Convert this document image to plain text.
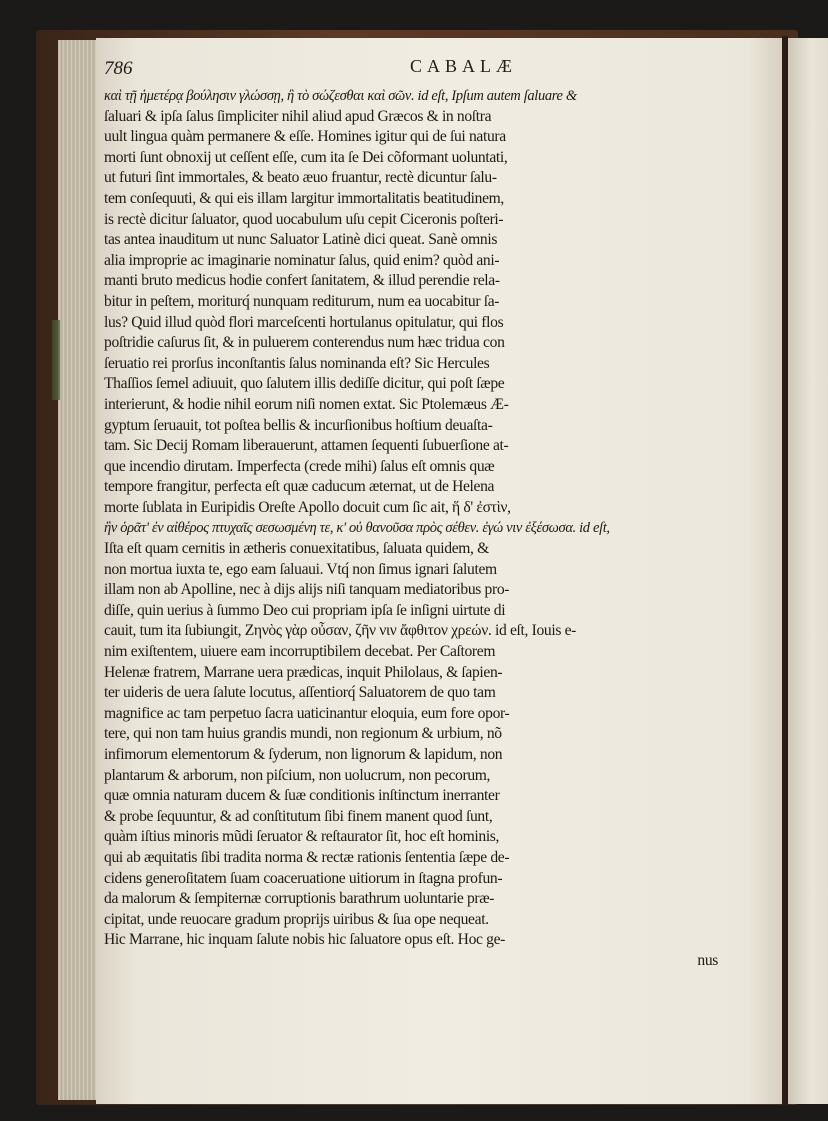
786	CABALÆ
καὶ τῇ ἡμετέρᾳ βούλησιν γλώσσῃ, ἢ τὸ σώζεσθαι καὶ σῶν. id eſt, Ipſum autem ſaluare &
ſaluari & ipſa ſalus ſimpliciter nihil aliud apud Græcos & in noſtra
uult lingua quàm permanere & eſſe. Homines igitur qui de ſui natura
morti ſunt obnoxij ut ceſſent eſſe, cum ita ſe Dei cõformant uoluntati,
ut futuri ſint immortales, & beato æuo fruantur, rectè dicuntur ſalu-
tem conſequuti, & qui eis illam largitur immortalitatis beatitudinem,
is rectè dicitur ſaluator, quod uocabulum uſu cepit Ciceronis poſteri-
tas antea inauditum ut nunc Saluator Latinè dici queat. Sanè omnis
alia improprie ac imaginarie nominatur ſalus, quid enim? quòd ani-
manti bruto medicus hodie confert ſanitatem, & illud perendie rela-
bitur in peſtem, moriturq́ nunquam rediturum, num ea uocabitur ſa-
lus? Quid illud quòd flori marceſcenti hortulanus opitulatur, qui flos
poſtridie caſurus ſit, & in puluerem conterendus num hæc tridua con
ſeruatio rei prorſus inconſtantis ſalus nominanda eſt? Sic Hercules
Thaſſios ſemel adiuuit, quo ſalutem illis dediſſe dicitur, qui poſt ſæpe
interierunt, & hodie nihil eorum niſi nomen extat. Sic Ptolemæus Æ-
gyptum ſeruauit, tot poſtea bellis & incurſionibus hoſtium deuaſta-
tam. Sic Decij Romam liberauerunt, attamen ſequenti ſubuerſione at-
que incendio dirutam. Imperfecta (crede mihi) ſalus eſt omnis quæ
tempore frangitur, perfecta eſt quæ caducum æternat, ut de Helena
morte ſublata in Euripidis Oreſte Apollo docuit cum ſic ait, ἥ δ' ἐστὶν,
ἣν ὁρᾶτ' ἐν αἰθέρος πτυχαῖς σεσωσμένη τε, κ' οὐ θανοῦσα πρὸς σέθεν. ἐγώ νιν ἐξέσωσα. id eſt,
Iſta eſt quam cernitis in ætheris conuexitatibus, ſaluata quidem, &
non mortua iuxta te, ego eam ſaluaui. Vtq́ non ſimus ignari ſalutem
illam non ab Apolline, nec à dijs alijs niſi tanquam mediatoribus pro-
diſſe, quin uerius à ſummo Deo cui propriam ipſa ſe inſigni uirtute di
cauit, tum ita ſubiungit, Ζηνὸς γὰρ οὖσαν, ζῆν νιν ἄφθιτον χρεών. id eſt, Iouis e-
nim exiſtentem, uiuere eam incorruptibilem decebat. Per Caſtorem
Helenæ fratrem, Marrane uera prædicas, inquit Philolaus, & ſapien-
ter uideris de uera ſalute locutus, aſſentiorq́ Saluatorem de quo tam
magnifice ac tam perpetuo ſacra uaticinantur eloquia, eum fore opor-
tere, qui non tam huius grandis mundi, non regionum & urbium, nõ
infimorum elementorum & ſyderum, non lignorum & lapidum, non
plantarum & arborum, non piſcium, non uolucrum, non pecorum,
quæ omnia naturam ducem & ſuæ conditionis inſtinctum inerranter
& probe ſequuntur, & ad conſtitutum ſibi finem manent quod ſunt,
quàm iſtius minoris mũdi ſeruator & reſtaurator ſit, hoc eſt hominis,
qui ab æquitatis ſibi tradita norma & rectæ rationis ſententia ſæpe de-
cidens generoſitatem ſuam coaceruatione uitiorum in ſtagna profun-
da malorum & ſempiternæ corruptionis barathrum uoluntarie præ-
cipitat, unde reuocare gradum proprijs uiribus & ſua ope nequeat.
Hic Marrane, hic inquam ſalute nobis hic ſaluatore opus eſt. Hoc ge-
nus
